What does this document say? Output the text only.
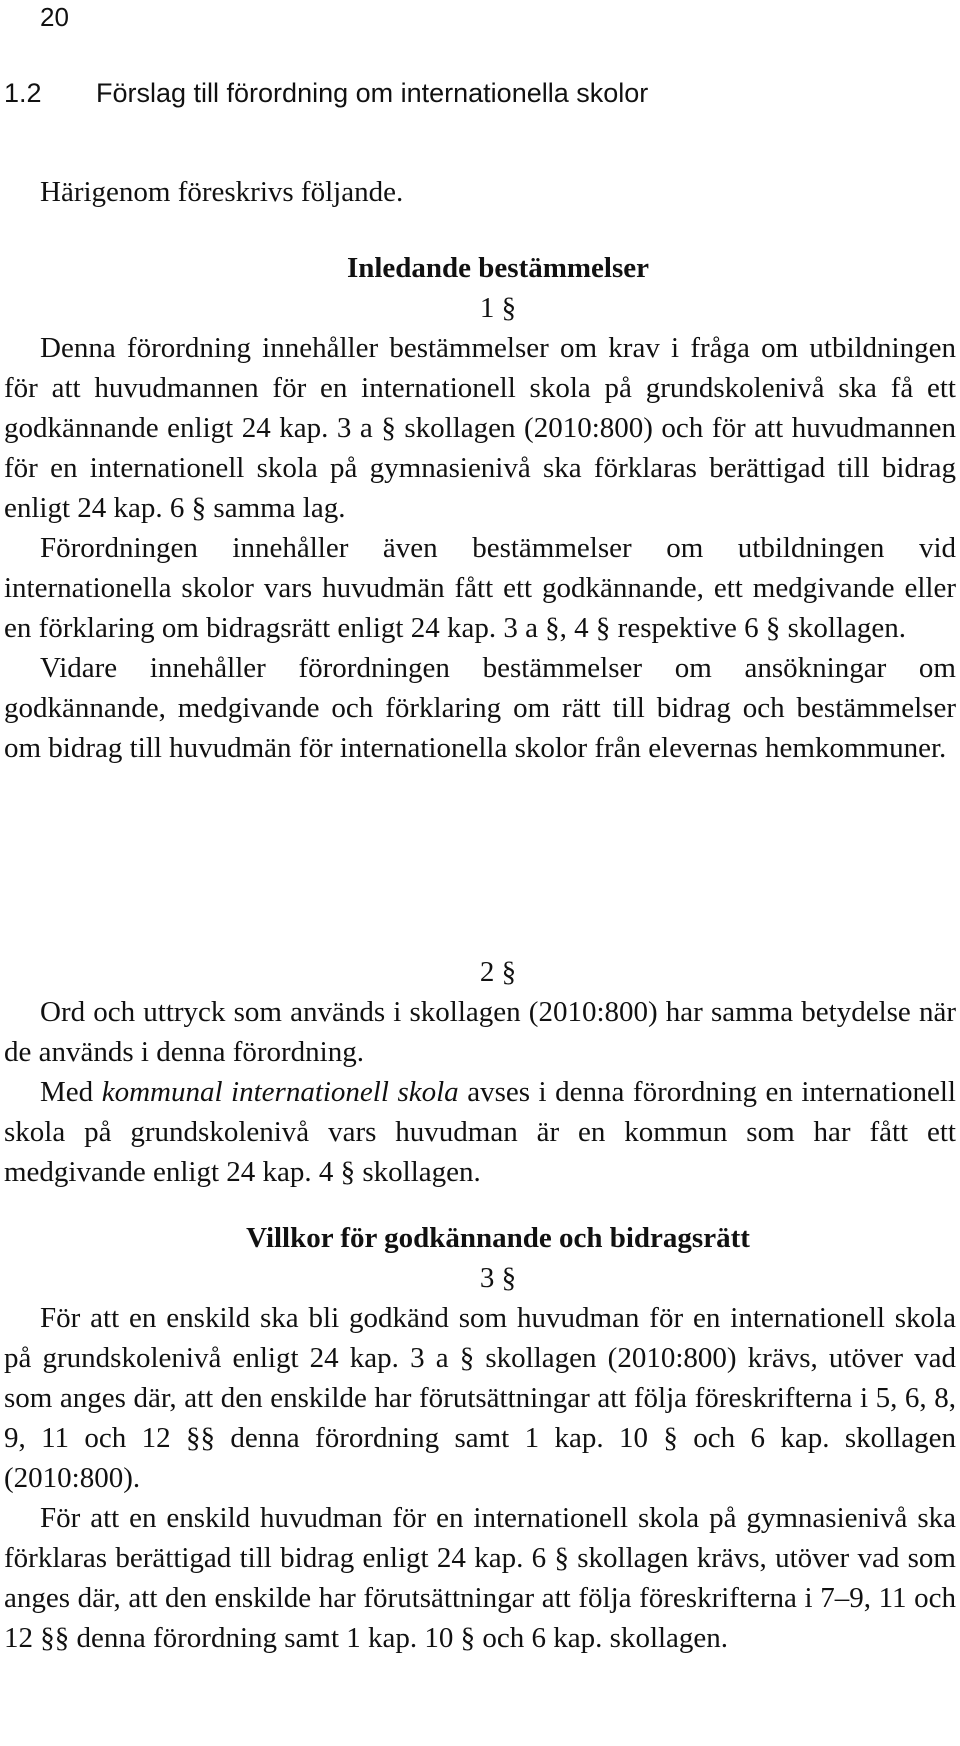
20
1.2 Förslag till förordning om internationella skolor
Härigenom föreskrivs följande.

Inledande bestämmelser

1 §

Denna förordning innehåller bestämmelser om krav i fråga om utbildningen för att huvudmannen för en internationell skola på grundskolenivå ska få ett godkännande enligt 24 kap. 3 a § skollagen (2010:800) och för att huvudmannen för en internationell skola på gymnasienivå ska förklaras berättigad till bidrag enligt 24 kap. 6 § samma lag.

Förordningen innehåller även bestämmelser om utbildningen vid internationella skolor vars huvudmän fått ett godkännande, ett medgivande eller en förklaring om bidragsrätt enligt 24 kap. 3 a §, 4 § respektive 6 § skollagen.

Vidare innehåller förordningen bestämmelser om ansökningar om godkännande, medgivande och förklaring om rätt till bidrag och bestämmelser om bidrag till huvudmän för internationella skolor från elevernas hemkommuner.

2 §

Ord och uttryck som används i skollagen (2010:800) har samma betydelse när de används i denna förordning.

Med kommunal internationell skola avses i denna förordning en internationell skola på grundskolenivå vars huvudman är en kommun som har fått ett medgivande enligt 24 kap. 4 § skollagen.

Villkor för godkännande och bidragsrätt

3 §

För att en enskild ska bli godkänd som huvudman för en internationell skola på grundskolenivå enligt 24 kap. 3 a § skollagen (2010:800) krävs, utöver vad som anges där, att den enskilde har förutsättningar att följa föreskrifterna i 5, 6, 8, 9, 11 och 12 §§ denna förordning samt 1 kap. 10 § och 6 kap. skollagen (2010:800).

För att en enskild huvudman för en internationell skola på gymnasienivå ska förklaras berättigad till bidrag enligt 24 kap. 6 § skollagen krävs, utöver vad som anges där, att den enskilde har förutsättningar att följa föreskrifterna i 7–9, 11 och 12 §§ denna förordning samt 1 kap. 10 § och 6 kap. skollagen.
